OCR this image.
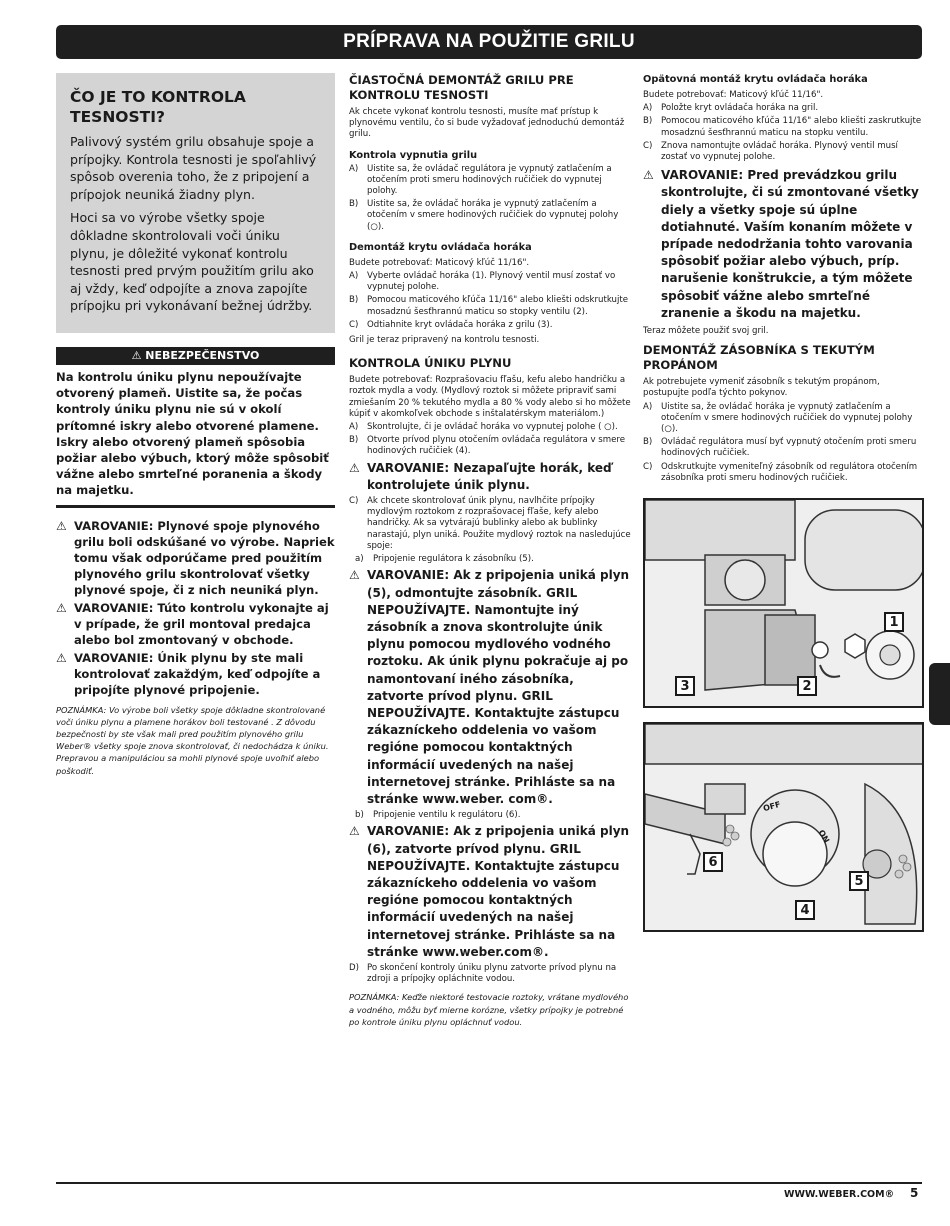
PRÍPRAVA NA POUŽITIE GRILU
ČO JE TO KONTROLA TESNOSTI?

Palivový systém grilu obsahuje spoje a prípojky. Kontrola tesnosti je spoľahlivý spôsob overenia toho, že z pripojení a prípojok neuniká žiadny plyn.

Hoci sa vo výrobe všetky spoje dôkladne skontrolovali voči úniku plynu, je dôležité vykonať kontrolu tesnosti pred prvým použitím grilu ako aj vždy, keď odpojíte a znova zapojíte prípojku pri vykonávaní bežnej údržby.

⚠ NEBEZPEČENSTVO
Na kontrolu úniku plynu nepoužívajte otvorený plameň. Uistite sa, že počas kontroly úniku plynu nie sú v okolí prítomné iskry alebo otvorené plamene. Iskry alebo otvorený plameň spôsobia požiar alebo výbuch, ktorý môže spôsobiť vážne alebo smrteľné poranenia a škody na majetku.
⚠ VAROVANIE: Plynové spoje plynového grilu boli odskúšané vo výrobe. Napriek tomu však odporúčame pred použitím plynového grilu skontrolovať všetky plynové spoje, či z nich neuniká plyn.
⚠ VAROVANIE: Túto kontrolu vykonajte aj v prípade, že gril montoval predajca alebo bol zmontovaný v obchode.
⚠ VAROVANIE: Únik plynu by ste mali kontrolovať zakaždým, keď odpojíte a pripojíte plynové pripojenie.
POZNÁMKA: Vo výrobe boli všetky spoje dôkladne skontrolované voči úniku plynu a plamene horákov boli testované . Z dôvodu bezpečnosti by ste však mali pred použitím plynového grilu Weber® všetky spoje znova skontrolovať, či nedochádza k úniku. Prepravou a manipuláciou sa mohli plynové spoje uvoľniť alebo poškodiť.
ČIASTOČNÁ DEMONTÁŽ GRILU PRE KONTROLU TESNOSTI
Ak chcete vykonať kontrolu tesnosti, musíte mať prístup k plynovému ventilu, čo si bude vyžadovať jednoduchú demontáž grilu.
Kontrola vypnutia grilu
A)	Uistite sa, že ovládač regulátora je vypnutý zatlačením a otočením proti smeru hodinových ručičiek do vypnutej polohy.
B)	Uistite sa, že ovládač horáka je vypnutý zatlačením a otočením v smere hodinových ručičiek do vypnutej polohy (○).
Demontáž krytu ovládača horáka
Budete potrebovať: Maticový kľúč 11/16".
A)	Vyberte ovládač horáka (1). Plynový ventil musí zostať vo vypnutej polohe.
B)	Pomocou maticového kľúča 11/16" alebo kliešti odskrutkujte mosadznú šesťhrannú maticu so stopky ventilu (2).
C)	Odtiahnite kryt ovládača horáka z grilu (3).
Gril je teraz pripravený na kontrolu tesnosti.
KONTROLA ÚNIKU PLYNU
Budete potrebovať: Rozprašovaciu fľašu, kefu alebo handričku a roztok mydla a vody. (Mydlový roztok si môžete pripraviť sami zmiešaním 20 % tekutého mydla a 80 % vody alebo si ho môžete kúpiť v akomkoľvek obchode s inštalatérskym materiálom.)
A)	Skontrolujte, či je ovládač horáka vo vypnutej polohe ( ○).
B)	Otvorte prívod plynu otočením ovládača regulátora v smere hodinových ručičiek (4).
⚠ VAROVANIE: Nezapaľujte horák, keď kontrolujete únik plynu.
C)	Ak chcete skontrolovať únik plynu, navlhčite prípojky mydlovým roztokom z rozprašovacej fľaše, kefy alebo handričky. Ak sa vytvárajú bublinky alebo ak bublinky narastajú, plyn uniká. Použite mydlový roztok na nasledujúce spoje:
a)	Pripojenie regulátora k zásobníku (5).
⚠ VAROVANIE: Ak z pripojenia uniká plyn (5), odmontujte zásobník. GRIL NEPOUŽÍVAJTE. Namontujte iný zásobník a znova skontrolujte únik plynu pomocou mydlového vodného roztoku. Ak únik plynu pokračuje aj po namontovaní iného zásobníka, zatvorte prívod plynu. GRIL NEPOUŽÍVAJTE. Kontaktujte zástupcu zákazníckeho oddelenia vo vašom regióne pomocou kontaktných informácií uvedených na našej internetovej stránke. Prihláste sa na stránke www.weber. com®.
b)	Pripojenie ventilu k regulátoru (6).
⚠ VAROVANIE: Ak z pripojenia uniká plyn (6), zatvorte prívod plynu. GRIL NEPOUŽÍVAJTE. Kontaktujte zástupcu zákazníckeho oddelenia vo vašom regióne pomocou kontaktných informácií uvedených na našej internetovej stránke. Prihláste sa na stránke www.weber.com®.
D) Po skončení kontroly úniku plynu zatvorte prívod plynu na zdroji a prípojky opláchnite vodou.
POZNÁMKA: Keďže niektoré testovacie roztoky, vrátane mydlového a vodného, môžu byť mierne korózne, všetky prípojky je potrebné po kontrole úniku plynu opláchnuť vodou.
Opätovná montáž krytu ovládača horáka
Budete potrebovať: Maticový kľúč 11/16".
A)	Položte kryt ovládača horáka na gril.
B)	Pomocou maticového kľúča 11/16" alebo kliešti zaskrutkujte mosadznú šesťhrannú maticu na stopku ventilu.
C)	Znova namontujte ovládač horáka. Plynový ventil musí zostať vo vypnutej polohe.
⚠ VAROVANIE: Pred prevádzkou grilu skontrolujte, či sú zmontované všetky diely a všetky spoje sú úplne dotiahnuté. Vaším konaním môžete v prípade nedodržania tohto varovania spôsobiť požiar alebo výbuch, príp. narušenie konštrukcie, a tým môžete spôsobiť vážne alebo smrteľné zranenie a škodu na majetku.
Teraz môžete použiť svoj gril.
DEMONTÁŽ ZÁSOBNÍKA S TEKUTÝM PROPÁNOM
Ak potrebujete vymeniť zásobník s tekutým propánom, postupujte podľa týchto pokynov.
A)	Uistite sa, že ovládač horáka je vypnutý zatlačením a otočením v smere hodinových ručičiek do vypnutej polohy (○).
B)	Ovládač regulátora musí byť vypnutý otočením proti smeru hodinových ručičiek.
C)	Odskrutkujte vymeniteľný zásobník od regulátora otočením zásobníka proti smeru hodinových ručičiek.
1
2
3
OFF
ON
4
5
6
WWW.WEBER.COM® 5
